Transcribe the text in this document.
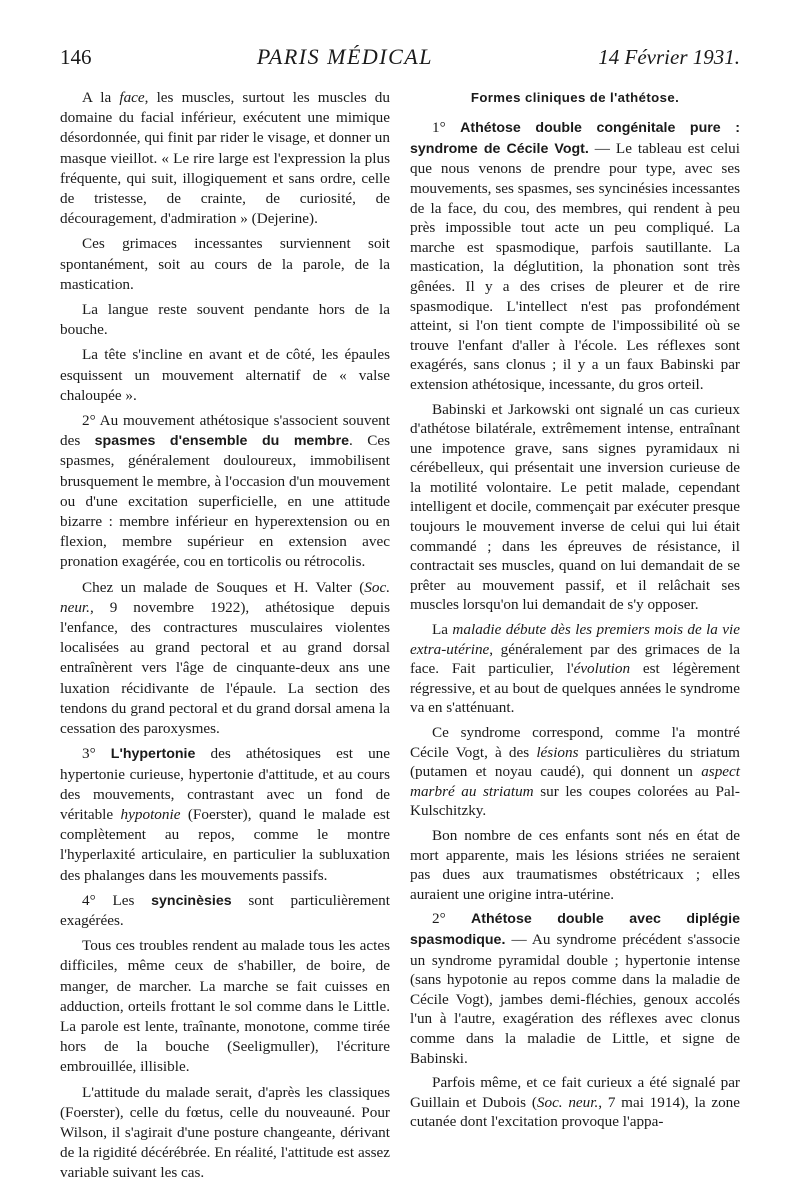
146	PARIS MÉDICAL	14 Février 1931.

A la face, les muscles, surtout les muscles du domaine du facial inférieur, exécutent une mimique désordonnée, qui finit par rider le visage, et donner un masque vieillot. « Le rire large est l'expression la plus fréquente, qui suit, illogiquement et sans ordre, celle de tristesse, de crainte, de curiosité, de découragement, d'admiration » (Dejerine).

Ces grimaces incessantes surviennent soit spontanément, soit au cours de la parole, de la mastication.

La langue reste souvent pendante hors de la bouche.

La tête s'incline en avant et de côté, les épaules esquissent un mouvement alternatif de « valse chaloupée ».

2° Au mouvement athétosique s'associent souvent des spasmes d'ensemble du membre. Ces spasmes, généralement douloureux, immobilisent brusquement le membre, à l'occasion d'un mouvement ou d'une excitation superficielle, en une attitude bizarre : membre inférieur en hyperextension ou en flexion, membre supérieur en extension avec pronation exagérée, cou en torticolis ou rétrocolis.

Chez un malade de Souques et H. Valter (Soc. neur., 9 novembre 1922), athétosique depuis l'enfance, des contractures musculaires violentes localisées au grand pectoral et au grand dorsal entraînèrent vers l'âge de cinquante-deux ans une luxation récidivante de l'épaule. La section des tendons du grand pectoral et du grand dorsal amena la cessation des paroxysmes.

3° L'hypertonie des athétosiques est une hypertonie curieuse, hypertonie d'attitude, et au cours des mouvements, contrastant avec un fond de véritable hypotonie (Foerster), quand le malade est complètement au repos, comme le montre l'hyperlaxité articulaire, en particulier la subluxation des phalanges dans les mouvements passifs.

4° Les syncinèsies sont particulièrement exagérées.

Tous ces troubles rendent au malade tous les actes difficiles, même ceux de s'habiller, de boire, de manger, de marcher. La marche se fait cuisses en adduction, orteils frottant le sol comme dans le Little. La parole est lente, traînante, monotone, comme tirée hors de la bouche (Seeligmuller), l'écriture embrouillée, illisible.

L'attitude du malade serait, d'après les classiques (Foerster), celle du fœtus, celle du nouveauné. Pour Wilson, il s'agirait d'une posture changeante, dérivant de la rigidité décérébrée. En réalité, l'attitude est assez variable suivant les cas.

Formes cliniques de l'athétose.

1° Athétose double congénitale pure : syndrome de Cécile Vogt. — Le tableau est celui que nous venons de prendre pour type, avec ses mouvements, ses spasmes, ses syncinésies incessantes de la face, du cou, des membres, qui rendent à peu près impossible tout acte un peu compliqué. La marche est spasmodique, parfois sautillante. La mastication, la déglutition, la phonation sont très gênées. Il y a des crises de pleurer et de rire spasmodique. L'intellect n'est pas profondément atteint, si l'on tient compte de l'impossibilité où se trouve l'enfant d'aller à l'école. Les réflexes sont exagérés, sans clonus ; il y a un faux Babinski par extension athétosique, incessante, du gros orteil.

Babinski et Jarkowski ont signalé un cas curieux d'athétose bilatérale, extrêmement intense, entraînant une impotence grave, sans signes pyramidaux ni cérébelleux, qui présentait une inversion curieuse de la motilité volontaire. Le petit malade, cependant intelligent et docile, commençait par exécuter presque toujours le mouvement inverse de celui qui lui était commandé ; dans les épreuves de résistance, il contractait ses muscles, quand on lui demandait de se prêter au mouvement passif, et il relâchait ses muscles lorsqu'on lui demandait de s'y opposer.

La maladie débute dès les premiers mois de la vie extra-utérine, généralement par des grimaces de la face. Fait particulier, l'évolution est légèrement régressive, et au bout de quelques années le syndrome va en s'atténuant.

Ce syndrome correspond, comme l'a montré Cécile Vogt, à des lésions particulières du striatum (putamen et noyau caudé), qui donnent un aspect marbré au striatum sur les coupes colorées au Pal-Kulschitzky.

Bon nombre de ces enfants sont nés en état de mort apparente, mais les lésions striées ne seraient pas dues aux traumatismes obstétricaux ; elles auraient une origine intra-utérine.

2° Athétose double avec diplégie spasmodique. — Au syndrome précédent s'associe un syndrome pyramidal double ; hypertonie intense (sans hypotonie au repos comme dans la maladie de Cécile Vogt), jambes demi-fléchies, genoux accolés l'un à l'autre, exagération des réflexes avec clonus comme dans la maladie de Little, et signe de Babinski.

Parfois même, et ce fait curieux a été signalé par Guillain et Dubois (Soc. neur., 7 mai 1914), la zone cutanée dont l'excitation provoque l'appa-
